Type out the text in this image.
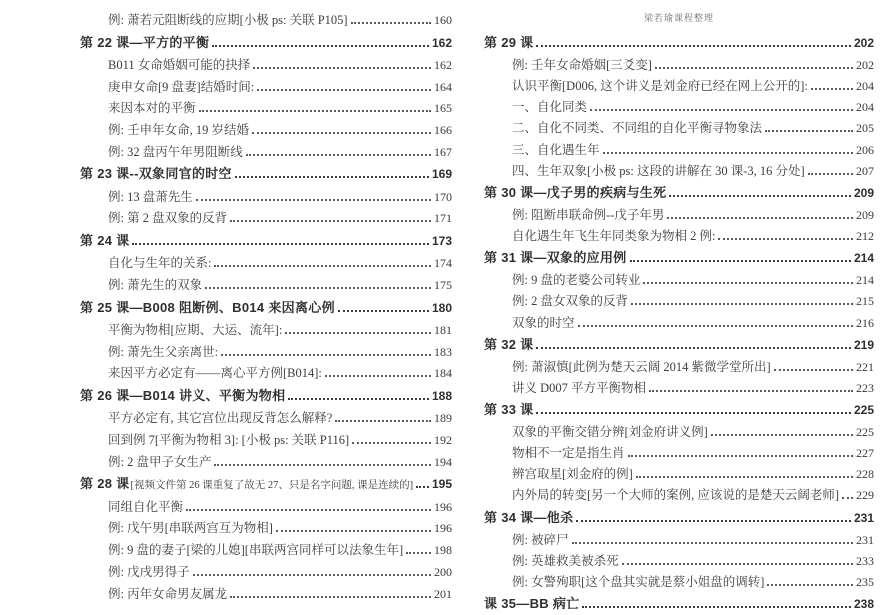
例: 萧若元阻断线的应期[小极 ps: 关联 P105]	160
第 22 课—平方的平衡	162
B011 女命婚姻可能的抉择	162
庚申女命[9 盘妻]结婚时间:	164
来因本对的平衡	165
例: 壬申年女命, 19 岁结婚	166
例: 32 盘丙午年男阻断线	167
第 23 课--双象同官的时空	169
例: 13 盘萧先生	170
例: 第 2 盘双象的反背	171
第 24 课	173
自化与生年的关系:	174
例: 萧先生的双象	175
第 25 课—B008 阻断例、B014 来因离心例	180
平衡为物相[应期、大运、流年]:	181
例: 萧先生父亲离世:	183
来因平方必定有——离心平方例[B014]:	184
第 26 课—B014 讲义、平衡为物相	188
平方必定有, 其它宫位出现反背怎么解释?	189
回到例 7[平衡为物相 3]: [小极 ps: 关联 P116]	192
例: 2 盘甲子女生产	194
第 28 课 [视频文件第 26 课重复了故无 27、只是名字问题, 课是连续的] 195
同组自化平衡	196
例: 戊午男[串联两宫互为物相]	196
例: 9 盘的妻子[梁的儿媳][串联两宫同样可以法象生年]	198
例: 戊戌男得子	200
例: 丙年女命男友属龙	201
梁若瑜课程整理
第 29 课	202
例: 壬年女命婚姻[三爻变]	202
认识平衡[D006, 这个讲义是刘金府已经在网上公开的]:	204
一、自化同类	204
二、自化不同类、不同组的自化平衡寻物象法	205
三、自化遇生年	206
四、生年双象[小极 ps: 这段的讲解在 30 课-3, 16 分处]	207
第 30 课—戊子男的疾病与生死	209
例: 阻断串联命例--戊子年男	209
自化遇生年飞生年同类象为物相 2 例:	212
第 31 课—双象的应用例	214
例: 9 盘的老婆公司转业	214
例: 2 盘女双象的反背	215
双象的时空	216
第 32 课	219
例: 萧淑慎[此例为楚天云阔 2014 紫微学堂所出]	221
讲义 D007 平方平衡物相	223
第 33 课	225
双象的平衡交错分辨[刘金府讲义例]	225
物相不一定是指生肖	227
辨宫取星[刘金府的例]	228
内外局的转变[另一个大师的案例, 应该说的是楚天云阔老师] 229
第 34 课—他杀	231
例: 被碎尸	231
例: 英雄救美被杀死	233
例: 女警殉职[这个盘其实就是蔡小姐盘的调转]	235
课 35—BB 病亡	238
